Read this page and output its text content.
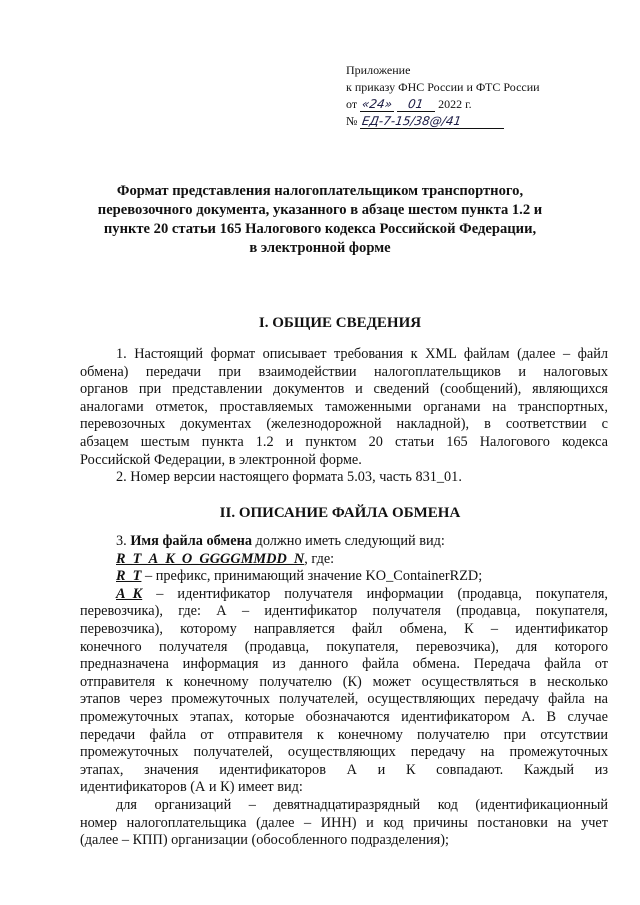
Приложение
к приказу ФНС России и ФТС России
от «24» 01 2022 г.
№ ЕД-7-15/38@/41
Формат представления налогоплательщиком транспортного,
перевозочного документа, указанного в абзаце шестом пункта 1.2 и
пункте 20 статьи 165 Налогового кодекса Российской Федерации,
в электронной форме
I. ОБЩИЕ СВЕДЕНИЯ
1. Настоящий формат описывает требования к XML файлам (далее – файл
обмена) передачи при взаимодействии налогоплательщиков и налоговых
органов при представлении документов и сведений (сообщений), являющихся
аналогами отметок, проставляемых таможенными органами на транспортных,
перевозочных документах (железнодорожной накладной), в соответствии с
абзацем шестым пункта 1.2 и пунктом 20 статьи 165 Налогового кодекса
Российской Федерации, в электронной форме.
2. Номер версии настоящего формата 5.03, часть 831_01.
II. ОПИСАНИЕ ФАЙЛА ОБМЕНА
3. Имя файла обмена должно иметь следующий вид:
R_T_A_K_O_GGGGMMDD_N, где:
R_T – префикс, принимающий значение KO_ContainerRZD;
A_K – идентификатор получателя информации (продавца, покупателя,
перевозчика), где: А – идентификатор получателя (продавца, покупателя,
перевозчика), которому направляется файл обмена, К – идентификатор
конечного получателя (продавца, покупателя, перевозчика), для которого
предназначена информация из данного файла обмена. Передача файла от
отправителя к конечному получателю (К) может осуществляться в несколько
этапов через промежуточных получателей, осуществляющих передачу файла на
промежуточных этапах, которые обозначаются идентификатором А. В случае
передачи файла от отправителя к конечному получателю при отсутствии
промежуточных получателей, осуществляющих передачу на промежуточных
этапах, значения идентификаторов А и К совпадают. Каждый из
идентификаторов (А и К) имеет вид:
для организаций – девятнадцатиразрядный код (идентификационный
номер налогоплательщика (далее – ИНН) и код причины постановки на учет
(далее – КПП) организации (обособленного подразделения);
